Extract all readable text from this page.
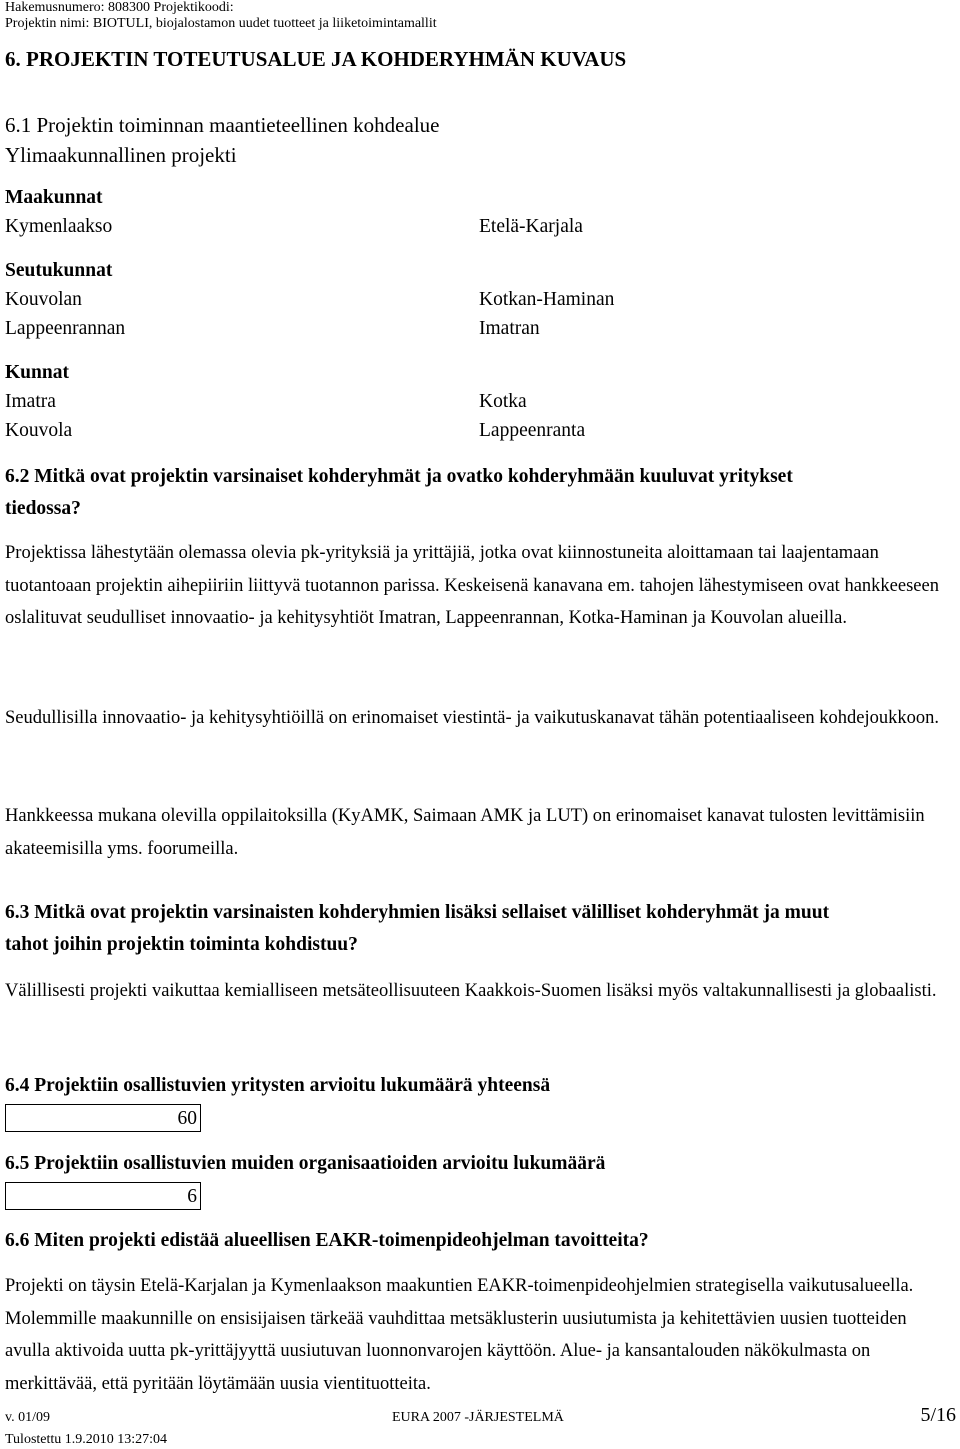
Hakemusnumero: 808300 Projektikoodi:
Projektin nimi: BIOTULI, biojalostamon uudet tuotteet ja liiketoimintamallit
6. PROJEKTIN TOTEUTUSALUE JA KOHDERYHMÄN KUVAUS
6.1 Projektin toiminnan maantieteellinen kohdealue
Ylimaakunnallinen projekti
Maakunnat
Kymenlaakso	Etelä-Karjala
Seutukunnat
Kouvolan	Kotkan-Haminan
Lappeenrannan	Imatran
Kunnat
Imatra	Kotka
Kouvola	Lappeenranta
6.2 Mitkä ovat projektin varsinaiset kohderyhmät ja ovatko kohderyhmään kuuluvat yritykset
tiedossa?
Projektissa lähestytään olemassa olevia pk-yrityksiä ja yrittäjiä, jotka ovat kiinnostuneita aloittamaan tai laajentamaan tuotantoaan projektin aihepiiriin liittyvä tuotannon parissa. Keskeisenä kanavana em. tahojen lähestymiseen ovat hankkeeseen oslalituvat seudulliset innovaatio- ja kehitysyhtiöt Imatran, Lappeenrannan, Kotka-Haminan ja Kouvolan alueilla.
Seudullisilla innovaatio- ja kehitysyhtiöillä on erinomaiset viestintä- ja vaikutuskanavat tähän potentiaaliseen kohdejoukkoon.
Hankkeessa mukana olevilla oppilaitoksilla (KyAMK, Saimaan AMK ja LUT) on erinomaiset kanavat tulosten levittämisiin akateemisilla yms. foorumeilla.
6.3 Mitkä ovat projektin varsinaisten kohderyhmien lisäksi sellaiset välilliset kohderyhmät ja muut
tahot joihin projektin toiminta kohdistuu?
Välillisesti projekti vaikuttaa kemialliseen metsäteollisuuteen Kaakkois-Suomen lisäksi myös valtakunnallisesti ja globaalisti.
6.4 Projektiin osallistuvien yritysten arvioitu lukumäärä yhteensä
60
6.5 Projektiin osallistuvien muiden organisaatioiden arvioitu lukumäärä
6
6.6 Miten projekti edistää alueellisen EAKR-toimenpideohjelman tavoitteita?
Projekti on täysin Etelä-Karjalan ja Kymenlaakson maakuntien EAKR-toimenpideohjelmien strategisella vaikutusalueella. Molemmille maakunnille on ensisijaisen tärkeää vauhdittaa metsäklusterin uusiutumista ja kehitettävien uusien tuotteiden avulla aktivoida uutta pk-yrittäjyyttä uusiutuvan luonnonvarojen käyttöön. Alue- ja kansantalouden näkökulmasta on merkittävää, että pyritään löytämään uusia vientituotteita.
v. 01/09	EURA 2007 -JÄRJESTELMÄ	5/16
Tulostettu 1.9.2010 13:27:04
